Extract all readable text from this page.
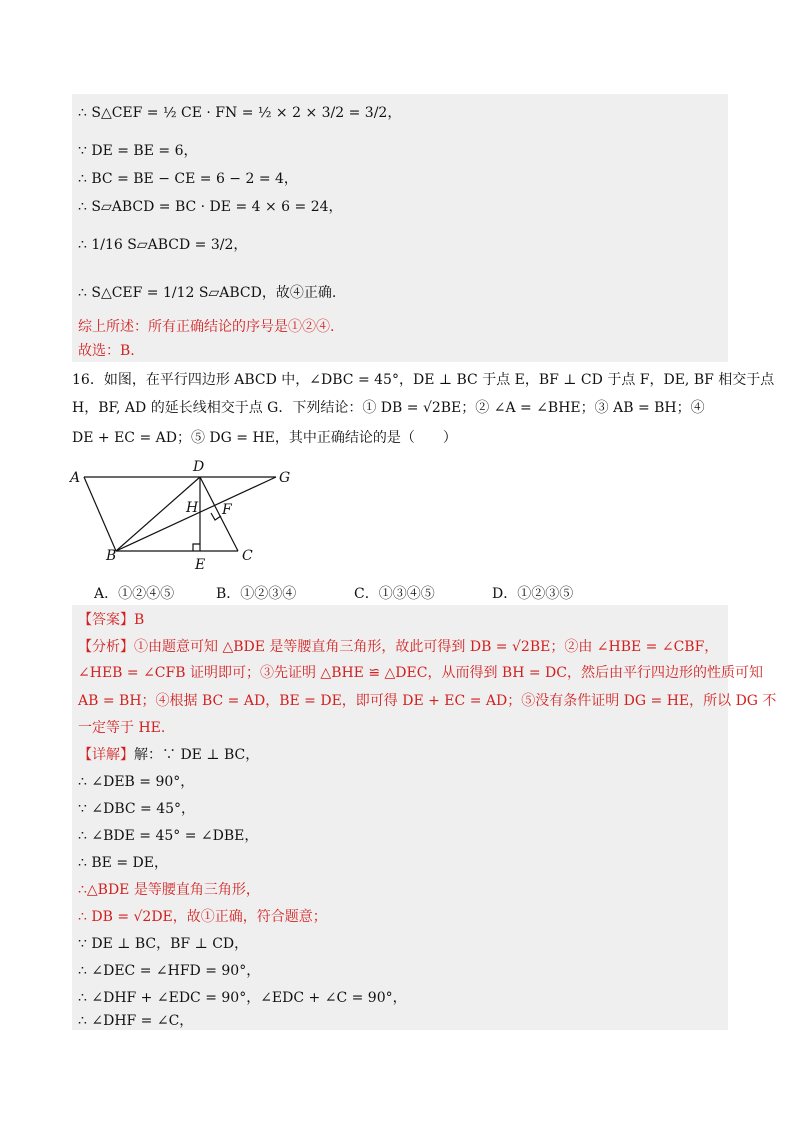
∴ S△CEF = ½ CE · FN = ½ × 2 × 3/2 = 3/2，
∵ DE = BE = 6，
∴ BC = BE − CE = 6 − 2 = 4，
∴ S▱ABCD = BC · DE = 4 × 6 = 24，
∴ 1/16 S▱ABCD = 3/2，
∴ S△CEF = 1/12 S▱ABCD，故④正确.
综上所述：所有正确结论的序号是①②④.
故选：B.
16．如图，在平行四边形 ABCD 中，∠DBC = 45°，DE ⊥ BC 于点 E，BF ⊥ CD 于点 F，DE, BF 相交于点
H，BF, AD 的延长线相交于点 G．下列结论：① DB = √2BE；② ∠A = ∠BHE；③ AB = BH；④
DE + EC = AD；⑤ DG = HE，其中正确结论的是（　　）
A
D
G
H F
B	C
E
A．①②④⑤	B．①②③④	C．①③④⑤	D．①②③⑤
【答案】B
【分析】①由题意可知 △BDE 是等腰直角三角形，故此可得到 DB = √2BE；②由 ∠HBE = ∠CBF，
∠HEB = ∠CFB 证明即可；③先证明 △BHE ≌ △DEC，从而得到 BH = DC，然后由平行四边形的性质可知
AB = BH；④根据 BC = AD，BE = DE，即可得 DE + EC = AD；⑤没有条件证明 DG = HE，所以 DG 不
一定等于 HE.
【详解】解：∵ DE ⊥ BC，
∴ ∠DEB = 90°，
∵ ∠DBC = 45°，
∴ ∠BDE = 45° = ∠DBE，
∴ BE = DE，
∴△BDE 是等腰直角三角形，
∴ DB = √2DE，故①正确，符合题意；
∵ DE ⊥ BC，BF ⊥ CD，
∴ ∠DEC = ∠HFD = 90°，
∴ ∠DHF + ∠EDC = 90°，∠EDC + ∠C = 90°，
∴ ∠DHF = ∠C，
